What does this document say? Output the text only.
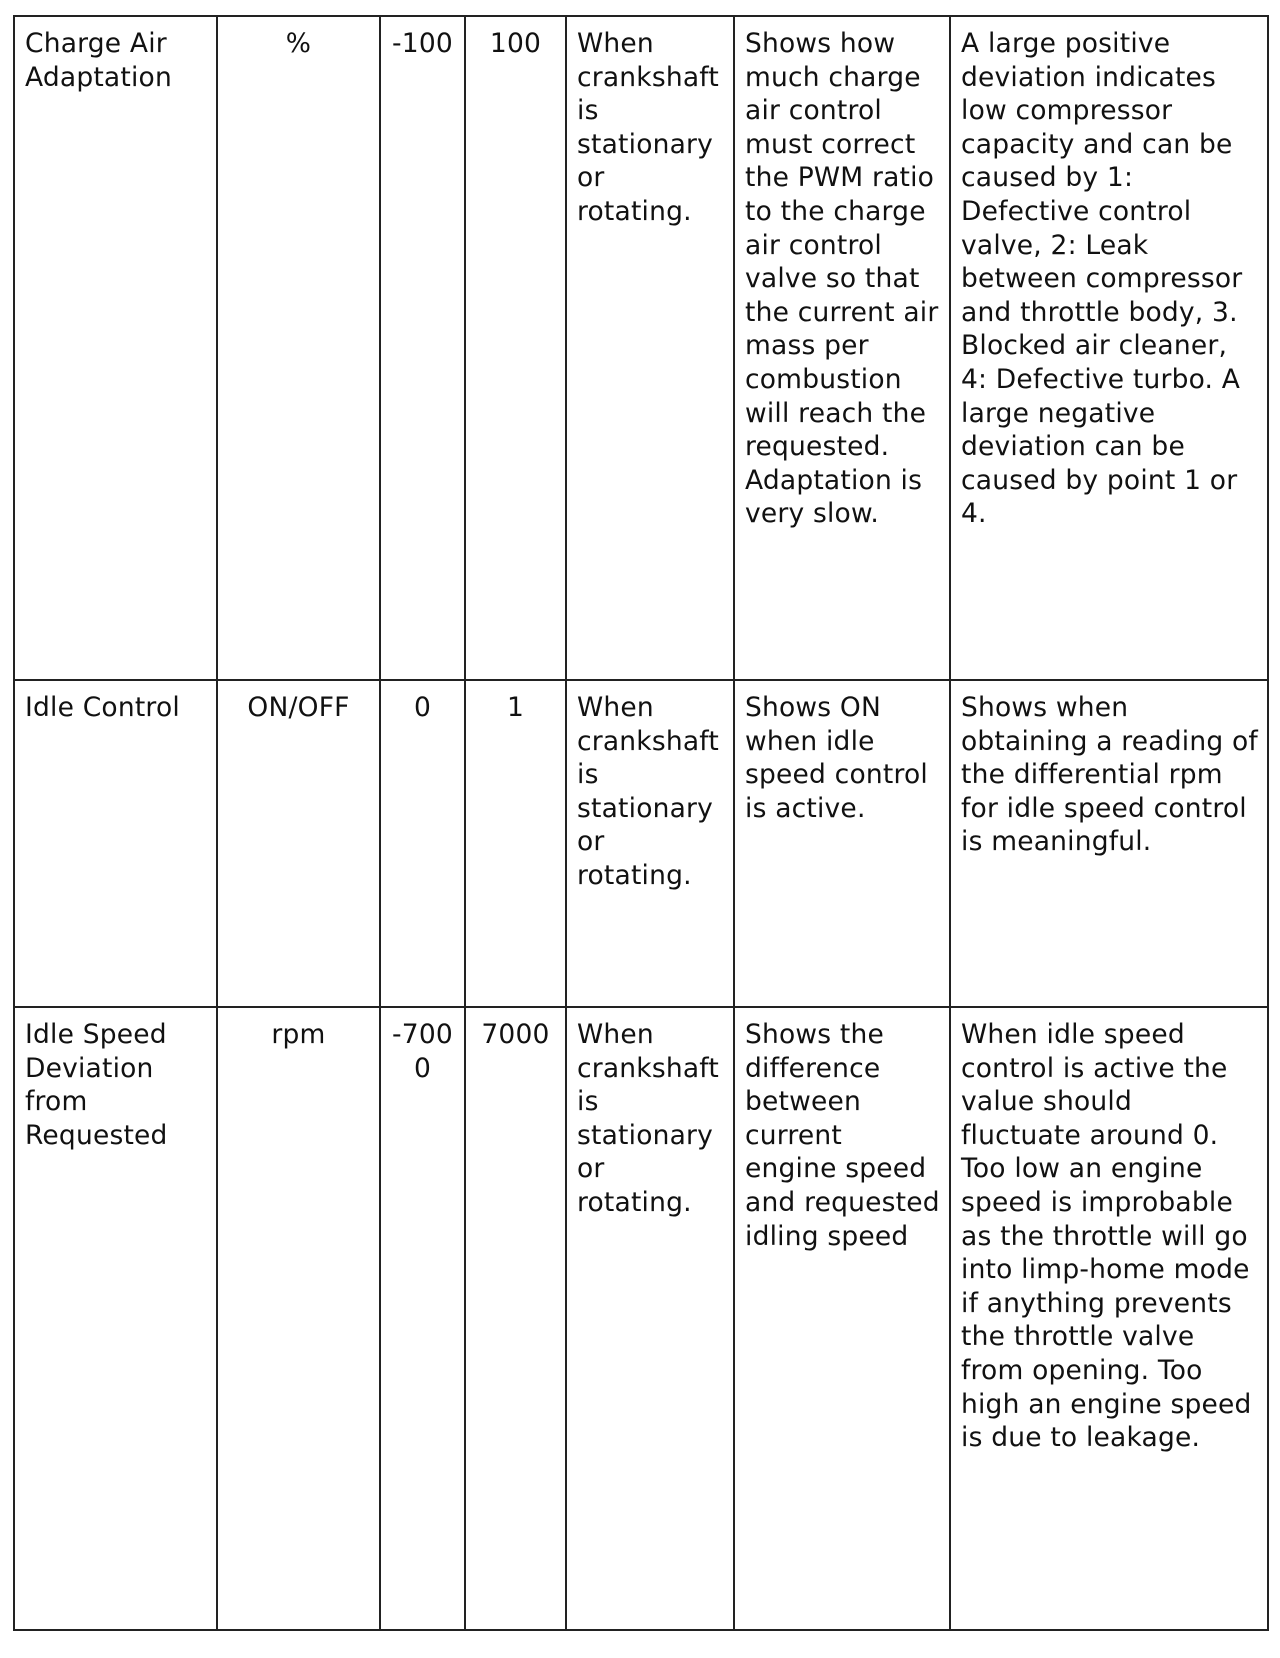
Charge Air Adaptation	%	-100	100	When crankshaft is stationary or rotating.	Shows how much charge air control must correct the PWM ratio to the charge air control valve so that the current air mass per combustion will reach the requested. Adaptation is very slow.	A large positive deviation indicates low compressor capacity and can be caused by 1: Defective control valve, 2: Leak between compressor and throttle body, 3. Blocked air cleaner, 4: Defective turbo. A large negative deviation can be caused by point 1 or 4.
Idle Control	ON/OFF	0	1	When crankshaft is stationary or rotating.	Shows ON when idle speed control is active.	Shows when obtaining a reading of the differential rpm for idle speed control is meaningful.
Idle Speed Deviation from Requested	rpm	-7000	7000	When crankshaft is stationary or rotating.	Shows the difference between current engine speed and requested idling speed	When idle speed control is active the value should fluctuate around 0. Too low an engine speed is improbable as the throttle will go into limp-home mode if anything prevents the throttle valve from opening. Too high an engine speed is due to leakage.
